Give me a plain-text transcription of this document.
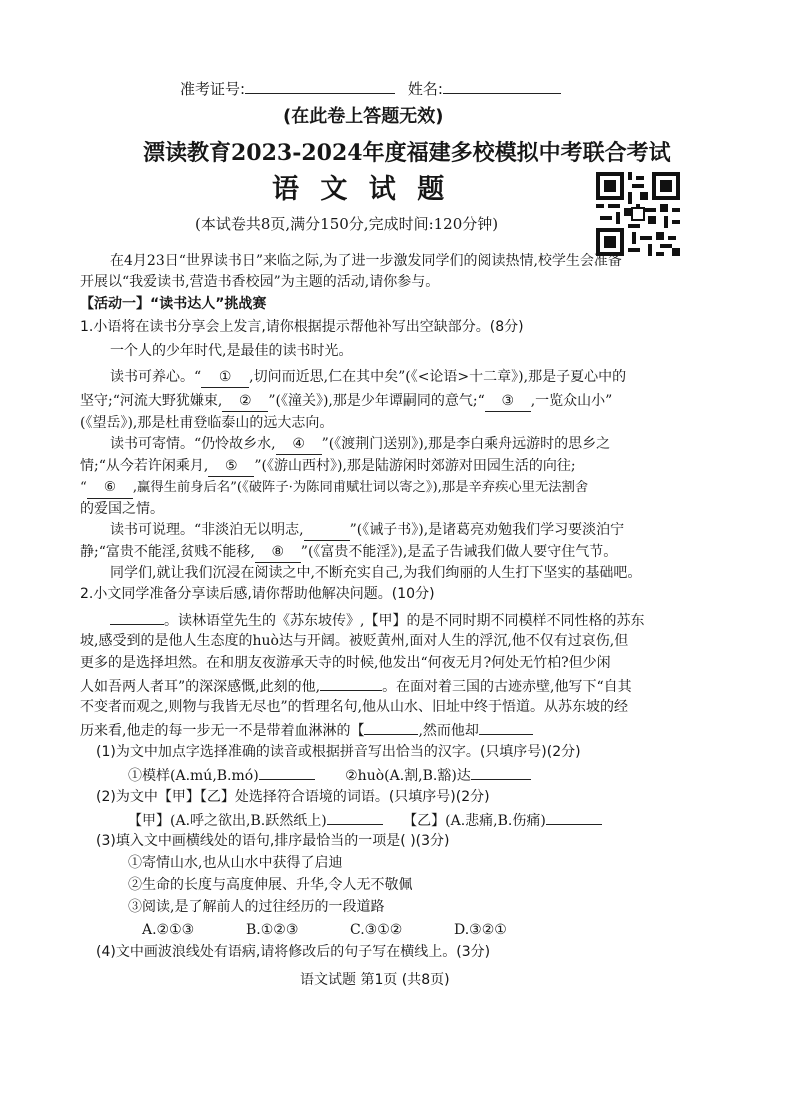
准考证号:	姓名:
(在此卷上答题无效)
漂读教育2023-2024年度福建多校模拟中考联合考试
语 文 试 题
(本试卷共8页,满分150分,完成时间:120分钟)
在4月23日“世界读书日”来临之际,为了进一步激发同学们的阅读热情,校学生会准备
开展以“我爱读书,营造书香校园”为主题的活动,请你参与。
【活动一】“读书达人”挑战赛
1.小语将在读书分享会上发言,请你根据提示帮他补写出空缺部分。(8分)
一个人的少年时代,是最佳的读书时光。
读书可养心。“ ① ,切问而近思,仁在其中矣”(《<论语>十二章》),那是子夏心中的
坚守;“河流大野犹嫌束, ② ”(《潼关》),那是少年谭嗣同的意气;“ ③ ,一览众山小”
(《望岳》),那是杜甫登临泰山的远大志向。
读书可寄情。“仍怜故乡水, ④ ”(《渡荆门送别》),那是李白乘舟远游时的思乡之
情;“从今若许闲乘月, ⑤ ”(《游山西村》),那是陆游闲时郊游对田园生活的向往;
“ ⑥ ,赢得生前身后名”(《破阵子·为陈同甫赋壮词以寄之》),那是辛弃疾心里无法割舍
的爱国之情。
读书可说理。“非淡泊无以明志,	”(《诫子书》),是诸葛亮劝勉我们学习要淡泊宁
静;“富贵不能淫,贫贱不能移, ⑧ ”(《富贵不能淫》),是孟子告诫我们做人要守住气节。
同学们,就让我们沉浸在阅读之中,不断充实自己,为我们绚丽的人生打下坚实的基础吧。
2.小文同学准备分享读后感,请你帮助他解决问题。(10分)
。读林语堂先生的《苏东坡传》,【甲】的是不同时期不同模样不同性格的苏东
坡,感受到的是他人生态度的huò达与开阔。被贬黄州,面对人生的浮沉,他不仅有过哀伤,但
更多的是选择坦然。在和朋友夜游承天寺的时候,他发出“何夜无月?何处无竹柏?但少闲
人如吾两人者耳”的深深感慨,此刻的他,	。在面对着三国的古迹赤壁,他写下“自其
不变者而观之,则物与我皆无尽也”的哲理名句,他从山水、旧址中终于悟道。从苏东坡的经
历来看,他走的每一步无一不是带着血淋淋的【	,然而他却
(1)为文中加点字选择准确的读音或根据拼音写出恰当的汉字。(只填序号)(2分)
①模样(A.mú,B.mó)	②huò(A.割,B.豁)达
(2)为文中【甲】【乙】处选择符合语境的词语。(只填序号)(2分)
【甲】(A.呼之欲出,B.跃然纸上)	【乙】(A.悲痛,B.伤痛)
(3)填入文中画横线处的语句,排序最恰当的一项是( )(3分)
①寄情山水,也从山水中获得了启迪
②生命的长度与高度伸展、升华,令人无不敬佩
③阅读,是了解前人的过往经历的一段道路
A.②①③	B.①②③	C.③①②	D.③②①
(4)文中画波浪线处有语病,请将修改后的句子写在横线上。(3分)
语文试题 第1页 (共8页)
